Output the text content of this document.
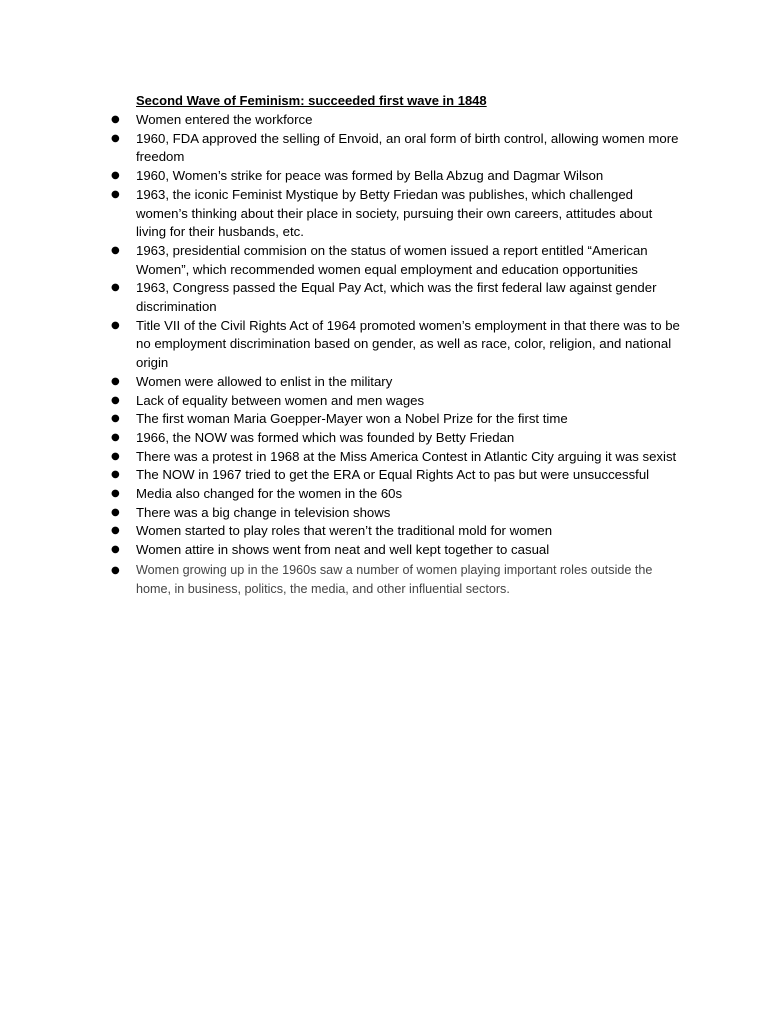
Second Wave of Feminism: succeeded first wave in 1848
● Women entered the workforce
● 1960, FDA approved the selling of Envoid, an oral form of birth control, allowing women more freedom
● 1960, Women’s strike for peace was formed by Bella Abzug and Dagmar Wilson
● 1963, the iconic Feminist Mystique by Betty Friedan was publishes, which challenged women’s thinking about their place in society, pursuing their own careers, attitudes about living for their husbands, etc.
● 1963, presidential commision on the status of women issued a report entitled “American Women”, which recommended women equal employment and education opportunities
● 1963, Congress passed the Equal Pay Act, which was the first federal law against gender discrimination
● Title VII of the Civil Rights Act of 1964 promoted women’s employment in that there was to be no employment discrimination based on gender, as well as race, color, religion, and national origin
● Women were allowed to enlist in the military
● Lack of equality between women and men wages
● The first woman Maria Goepper-Mayer won a Nobel Prize for the first time
● 1966, the NOW was formed which was founded by Betty Friedan
● There was a protest in 1968 at the Miss America Contest in Atlantic City arguing it was sexist
● The NOW in 1967 tried to get the ERA or Equal Rights Act to pas but were unsuccessful
● Media also changed for the women in the 60s
● There was a big change in television shows
● Women started to play roles that weren’t the traditional mold for women
● Women attire in shows went from neat and well kept together to casual
● Women growing up in the 1960s saw a number of women playing important roles outside the home, in business, politics, the media, and other influential sectors.
